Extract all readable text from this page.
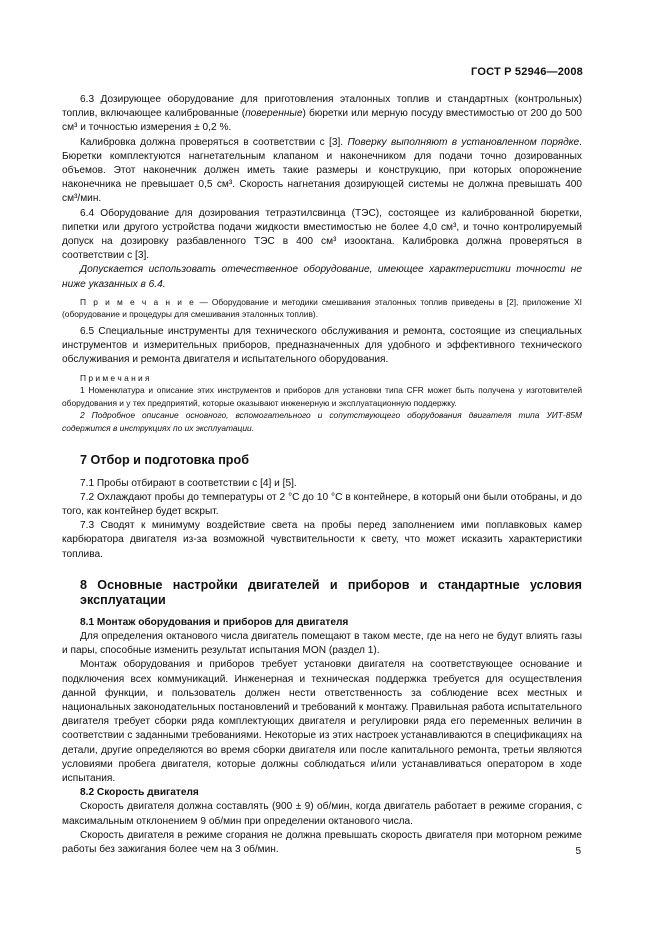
ГОСТ Р 52946—2008

6.3 Дозирующее оборудование для приготовления эталонных топлив и стандартных (контрольных) топлив, включающее калиброванные (поверенные) бюретки или мерную посуду вместимостью от 200 до 500 см³ и точностью измерения ± 0,2 %.

Калибровка должна проверяться в соответствии с [3]. Поверку выполняют в установленном порядке. Бюретки комплектуются нагнетательным клапаном и наконечником для подачи точно дозированных объемов. Этот наконечник должен иметь такие размеры и конструкцию, при которых опорожнение наконечника не превышает 0,5 см³. Скорость нагнетания дозирующей системы не должна превышать 400 см³/мин.

6.4 Оборудование для дозирования тетраэтилсвинца (ТЭС), состоящее из калиброванной бюретки, пипетки или другого устройства подачи жидкости вместимостью не более 4,0 см³, и точно контролируемый допуск на дозировку разбавленного ТЭС в 400 см³ изооктана. Калибровка должна проверяться в соответствии с [3].

Допускается использовать отечественное оборудование, имеющее характеристики точности не ниже указанных в 6.4.

П р и м е ч а н и е — Оборудование и методики смешивания эталонных топлив приведены в [2], приложение XI (оборудование и процедуры для смешивания эталонных топлив).

6.5 Специальные инструменты для технического обслуживания и ремонта, состоящие из специальных инструментов и измерительных приборов, предназначенных для удобного и эффективного технического обслуживания и ремонта двигателя и испытательного оборудования.

П р и м е ч а н и я

1 Номенклатура и описание этих инструментов и приборов для установки типа CFR может быть получена у изготовителей оборудования и у тех предприятий, которые оказывают инженерную и эксплуатационную поддержку.

2 Подробное описание основного, вспомогательного и сопутствующего оборудования двигателя типа УИТ-85М содержится в инструкциях по их эксплуатации.

7 Отбор и подготовка проб

7.1 Пробы отбирают в соответствии с [4] и [5].

7.2 Охлаждают пробы до температуры от 2 °С до 10 °С в контейнере, в который они были отобраны, и до того, как контейнер будет вскрыт.

7.3 Сводят к минимуму воздействие света на пробы перед заполнением ими поплавковых камер карбюратора двигателя из-за возможной чувствительности к свету, что может исказить характеристики топлива.

8 Основные настройки двигателей и приборов и стандартные условия эксплуатации

8.1 Монтаж оборудования и приборов для двигателя

Для определения октанового числа двигатель помещают в таком месте, где на него не будут влиять газы и пары, способные изменить результат испытания MON (раздел 1).

Монтаж оборудования и приборов требует установки двигателя на соответствующее основание и подключения всех коммуникаций. Инженерная и техническая поддержка требуется для осуществления данной функции, и пользователь должен нести ответственность за соблюдение всех местных и национальных законодательных постановлений и требований к монтажу. Правильная работа испытательного двигателя требует сборки ряда комплектующих двигателя и регулировки ряда его переменных величин в соответствии с заданными требованиями. Некоторые из этих настроек устанавливаются в спецификациях на детали, другие определяются во время сборки двигателя или после капитального ремонта, третьи являются условиями пробега двигателя, которые должны соблюдаться и/или устанавливаться оператором в ходе испытания.

8.2 Скорость двигателя

Скорость двигателя должна составлять (900 ± 9) об/мин, когда двигатель работает в режиме сгорания, с максимальным отклонением 9 об/мин при определении октанового числа.

Скорость двигателя в режиме сгорания не должна превышать скорость двигателя при моторном режиме работы без зажигания более чем на 3 об/мин.	5
